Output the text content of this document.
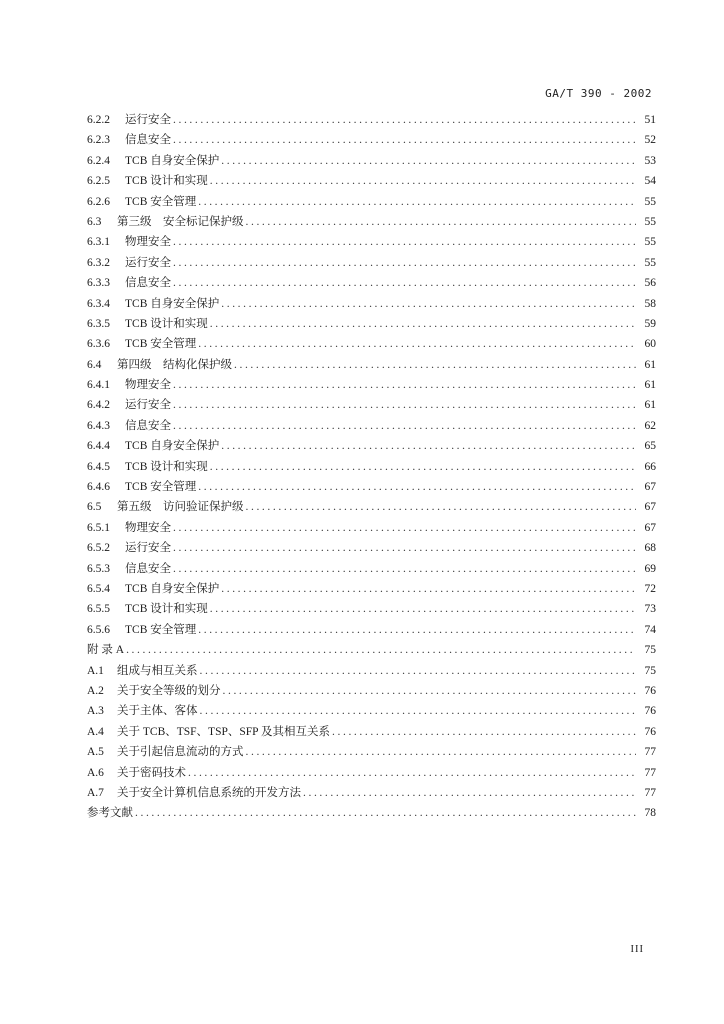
GA/T 390 - 2002
6.2.2	运行安全 .....	51
6.2.3	信息安全 .....	52
6.2.4	TCB 自身安全保护 .....	53
6.2.5	TCB 设计和实现 .....	54
6.2.6	TCB 安全管理 .....	55
6.3	第三级　安全标记保护级 .....	55
6.3.1	物理安全 .....	55
6.3.2	运行安全 .....	55
6.3.3	信息安全 .....	56
6.3.4	TCB 自身安全保护 .....	58
6.3.5	TCB 设计和实现 .....	59
6.3.6	TCB 安全管理 .....	60
6.4	第四级　结构化保护级 .....	61
6.4.1	物理安全 .....	61
6.4.2	运行安全 .....	61
6.4.3	信息安全 .....	62
6.4.4	TCB 自身安全保护 .....	65
6.4.5	TCB 设计和实现 .....	66
6.4.6	TCB 安全管理 .....	67
6.5	第五级　访问验证保护级 .....	67
6.5.1	物理安全 .....	67
6.5.2	运行安全 .....	68
6.5.3	信息安全 .....	69
6.5.4	TCB 自身安全保护 .....	72
6.5.5	TCB 设计和实现 .....	73
6.5.6	TCB 安全管理 .....	74
附 录 A .....	75
A.1	组成与相互关系 .....	75
A.2	关于安全等级的划分 .....	76
A.3	关于主体、客体 .....	76
A.4	关于 TCB、TSF、TSP、SFP 及其相互关系 .....	76
A.5	关于引起信息流动的方式 .....	77
A.6	关于密码技术 .....	77
A.7	关于安全计算机信息系统的开发方法 .....	77
参考文献 .....	78
III
